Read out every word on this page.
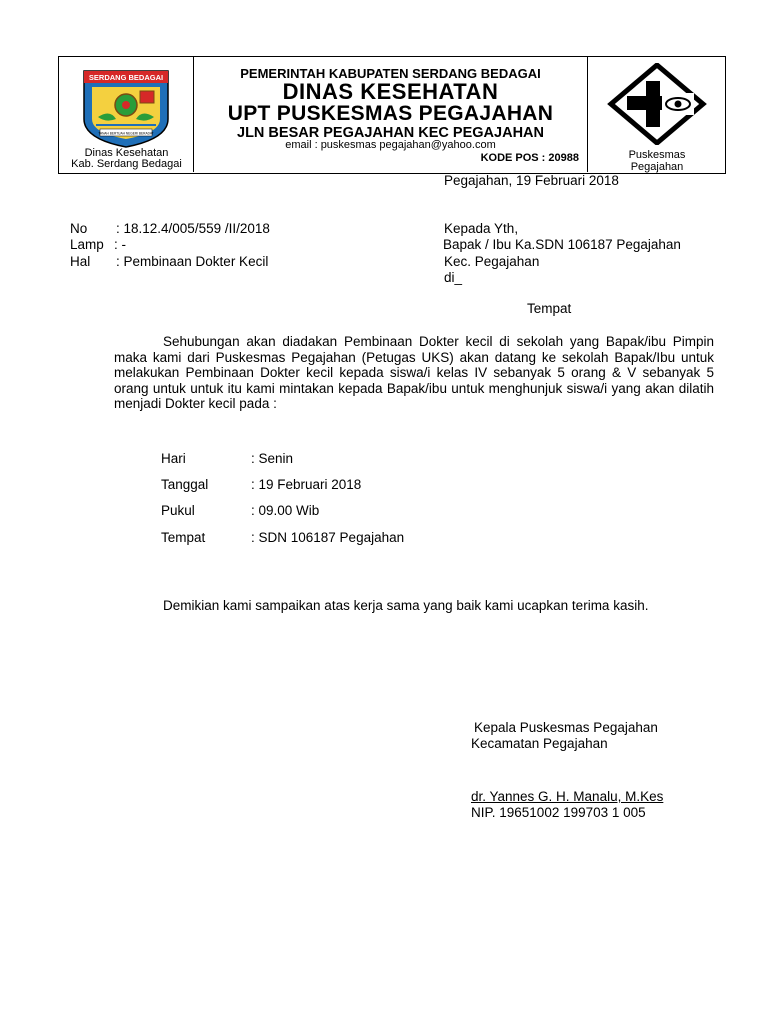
SERDANG BEDAGAI
TANAH BERTUAH NEGERI BERADAT
Dinas Kesehatan
Kab. Serdang Bedagai
PEMERINTAH KABUPATEN SERDANG BEDAGAI
DINAS KESEHATAN
UPT PUSKESMAS PEGAJAHAN
JLN BESAR PEGAJAHAN KEC PEGAJAHAN
email : puskesmas pegajahan@yahoo.com
KODE POS : 20988	Puskesmas
Pegajahan
Pegajahan, 19 Februari 2018
No : 18.12.4/005/559 /II/2018
Lamp : -
Hal : Pembinaan Dokter Kecil
Kepada Yth,
Bapak / Ibu Ka.SDN 106187 Pegajahan
Kec. Pegajahan
di_
Tempat

Sehubungan akan diadakan Pembinaan Dokter kecil di sekolah yang Bapak/ibu Pimpin maka kami dari Puskesmas Pegajahan (Petugas UKS) akan datang ke sekolah Bapak/Ibu untuk melakukan Pembinaan Dokter kecil kepada siswa/i kelas IV sebanyak 5 orang & V sebanyak 5 orang untuk untuk itu kami mintakan kepada Bapak/ibu untuk menghunjuk siswa/i yang akan dilatih menjadi Dokter kecil pada :

Hari	: Senin
Tanggal	: 19 Februari 2018
Pukul	: 09.00 Wib
Tempat	: SDN 106187 Pegajahan
Demikian kami sampaikan atas kerja sama yang baik kami ucapkan terima kasih.
Kepala Puskesmas Pegajahan
Kecamatan Pegajahan
dr. Yannes G. H. Manalu, M.Kes
NIP. 19651002 199703 1 005
